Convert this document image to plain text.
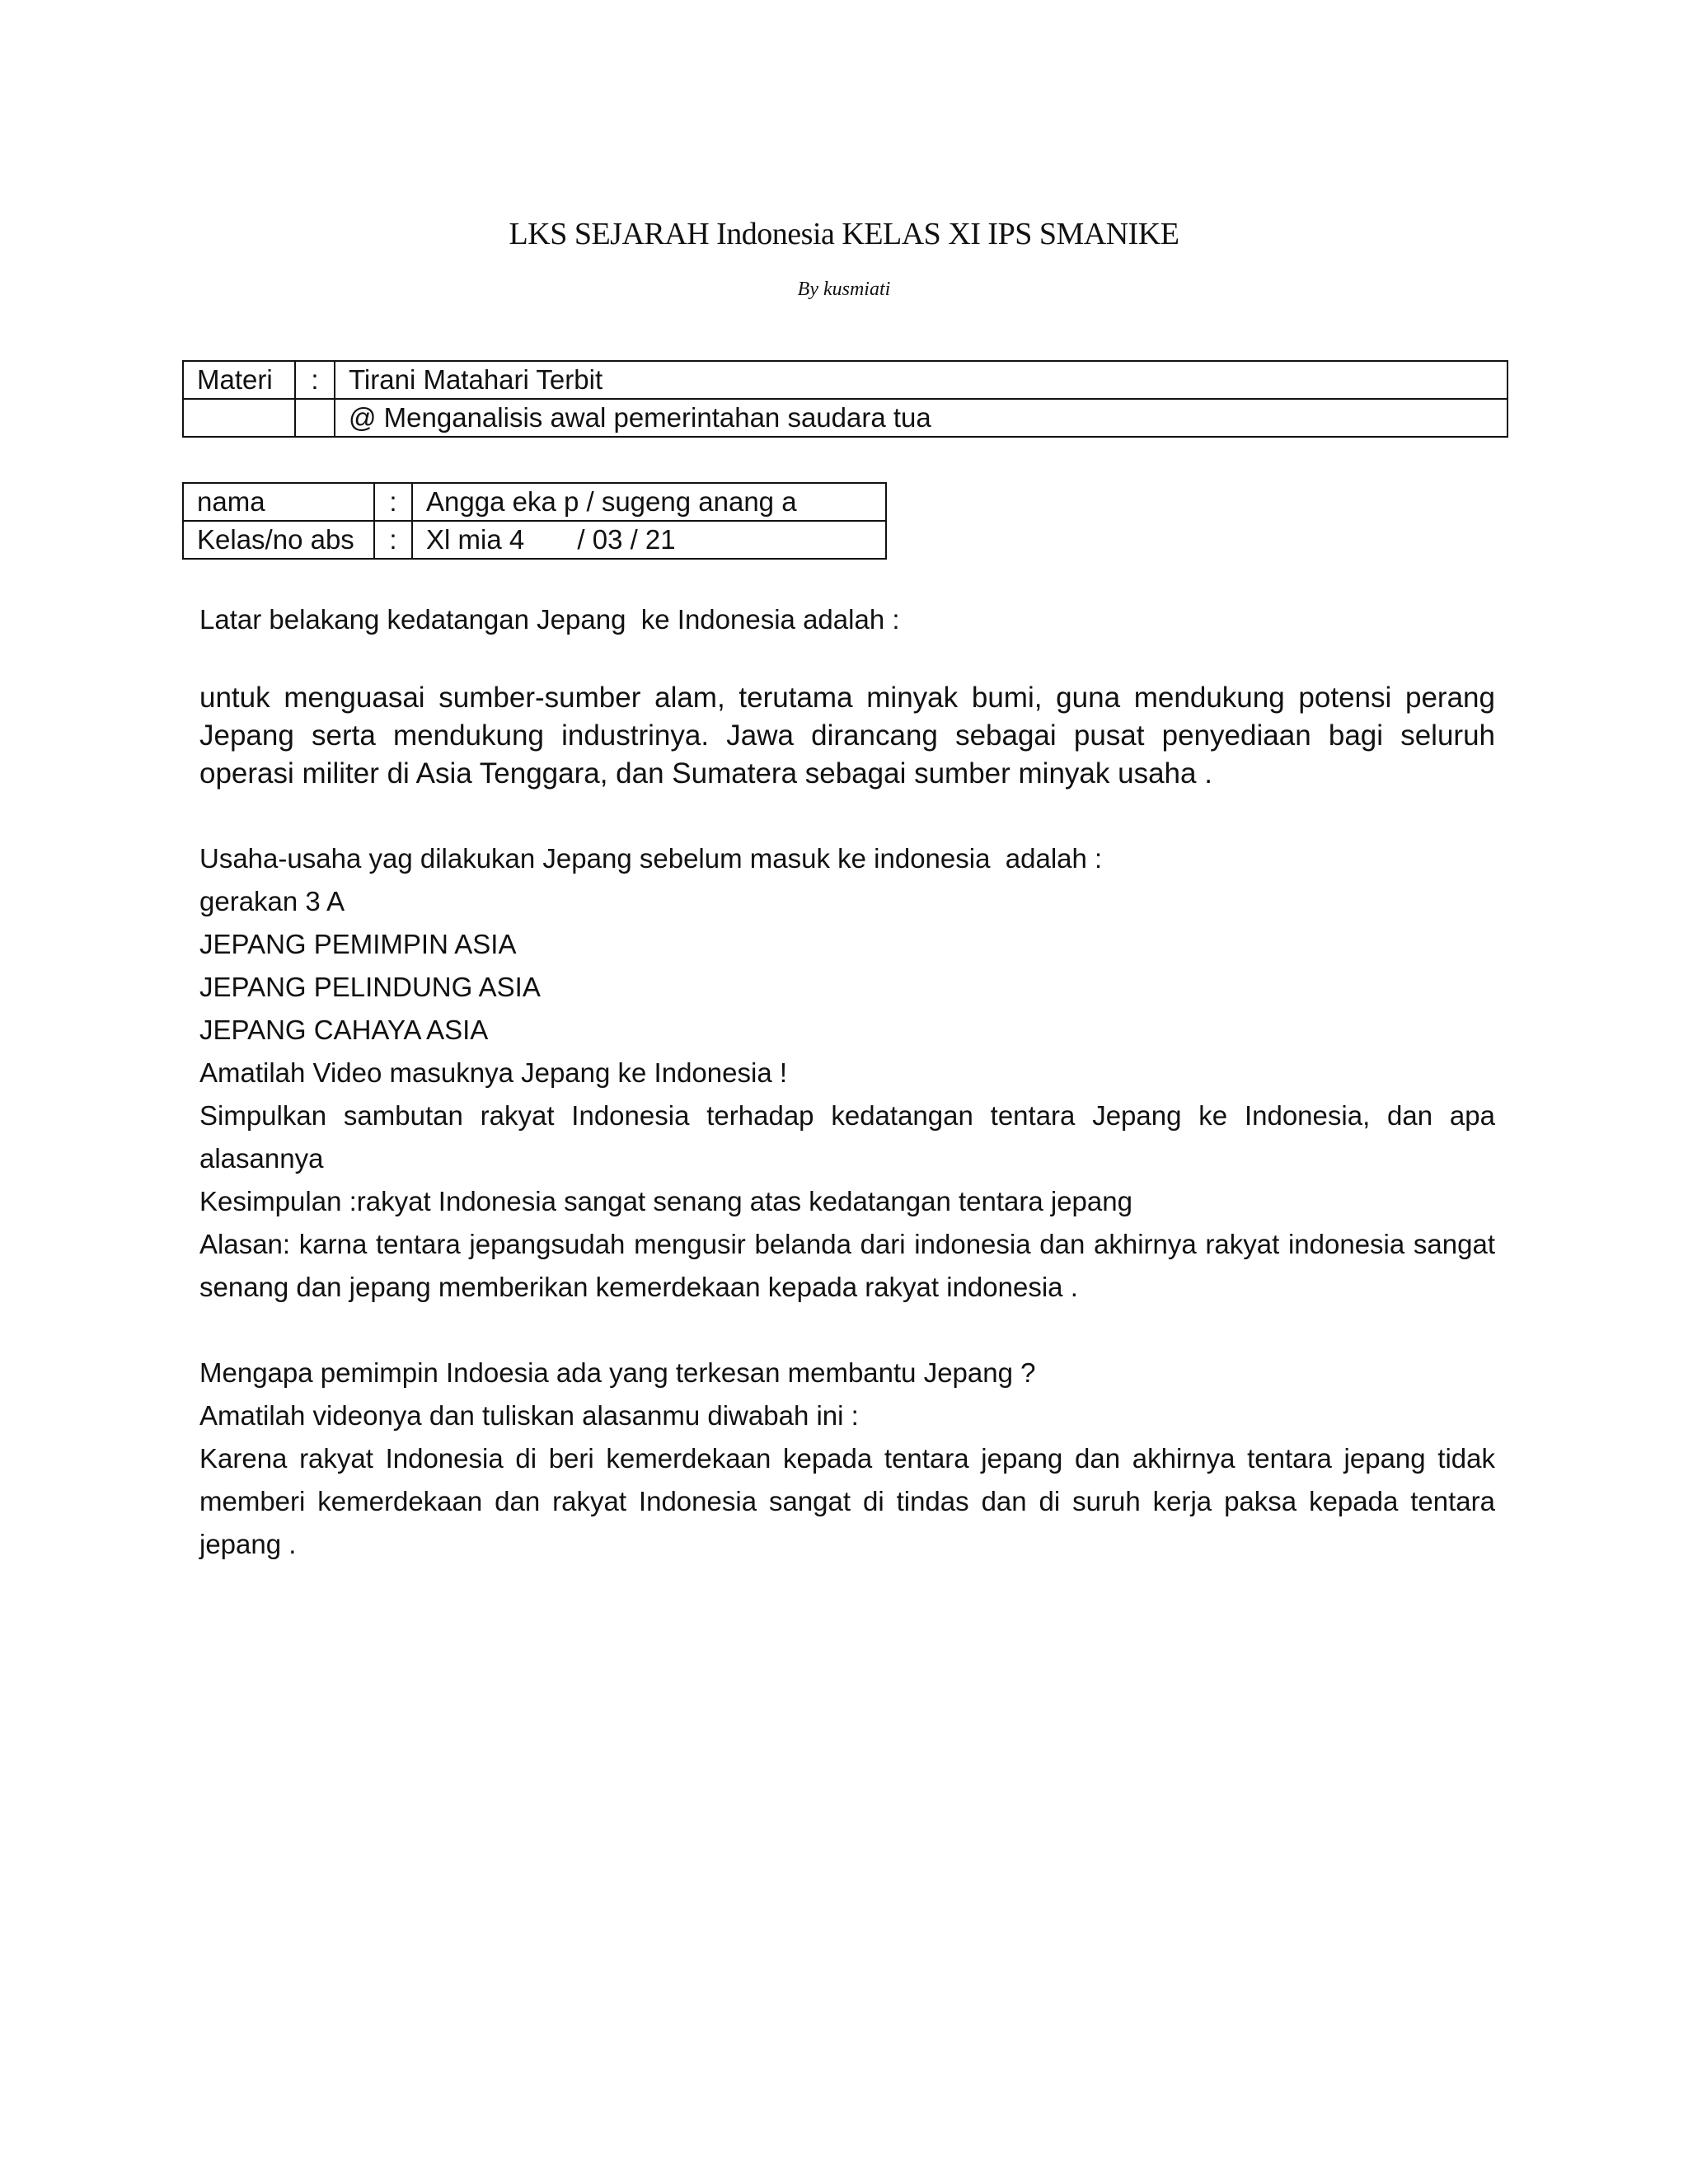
LKS SEJARAH Indonesia KELAS XI IPS SMANIKE
By kusmiati
Materi	:	Tirani Matahari Terbit
		@ Menganalisis awal pemerintahan saudara tua
nama	:	Angga eka p / sugeng anang a
Kelas/no abs	:	Xl mia 4       / 03 / 21

Latar belakang kedatangan Jepang  ke Indonesia adalah :

untuk menguasai sumber-sumber alam, terutama minyak bumi, guna mendukung potensi perang Jepang serta mendukung industrinya. Jawa dirancang sebagai pusat penyediaan bagi seluruh operasi militer di Asia Tenggara, dan Sumatera sebagai sumber minyak usaha .

Usaha-usaha yag dilakukan Jepang sebelum masuk ke indonesia  adalah :

gerakan 3 A

JEPANG PEMIMPIN ASIA

JEPANG PELINDUNG ASIA

JEPANG CAHAYA ASIA

Amatilah Video masuknya Jepang ke Indonesia !

Simpulkan sambutan rakyat Indonesia terhadap kedatangan tentara Jepang ke Indonesia, dan apa alasannya

Kesimpulan :rakyat Indonesia sangat senang atas kedatangan tentara jepang

Alasan: karna tentara jepangsudah mengusir belanda dari indonesia dan akhirnya rakyat indonesia sangat senang dan jepang memberikan kemerdekaan kepada rakyat indonesia .

Mengapa pemimpin Indoesia ada yang terkesan membantu Jepang ?

Amatilah videonya dan tuliskan alasanmu diwabah ini :

Karena rakyat Indonesia di beri kemerdekaan kepada tentara jepang dan akhirnya tentara jepang tidak memberi kemerdekaan dan rakyat Indonesia sangat di tindas dan di suruh kerja paksa kepada tentara jepang .
